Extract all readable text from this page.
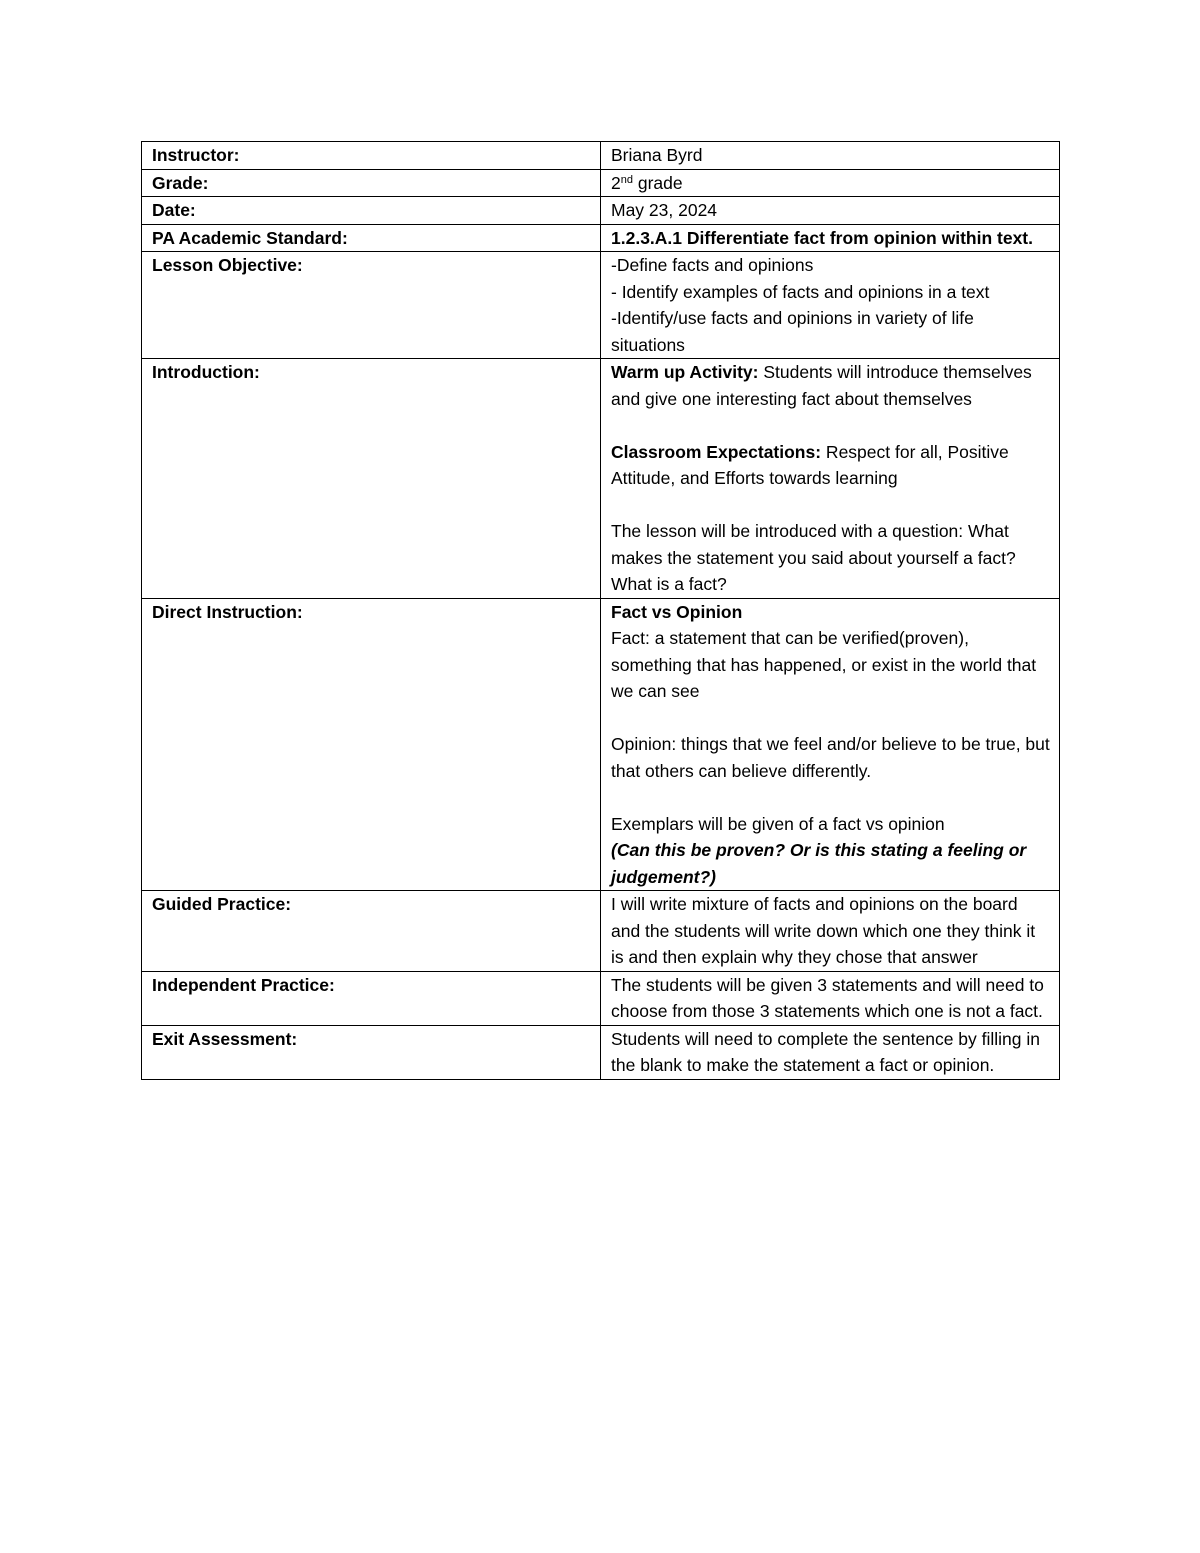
Instructor:	Briana Byrd
Grade:	2nd grade
Date:	May 23, 2024
PA Academic Standard:	1.2.3.A.1 Differentiate fact from opinion within text.
Lesson Objective:	-Define facts and opinions
- Identify examples of facts and opinions in a text
-Identify/use facts and opinions in variety of life situations

Introduction:	Warm up Activity: Students will introduce themselves and give one interesting fact about themselves
Classroom Expectations: Respect for all, Positive Attitude, and Efforts towards learning
The lesson will be introduced with a question: What makes the statement you said about yourself a fact? What is a fact?

Direct Instruction:	Fact vs Opinion
Fact: a statement that can be verified(proven), something that has happened, or exist in the world that we can see
Opinion: things that we feel and/or believe to be true, but that others can believe differently.
Exemplars will be given of a fact vs opinion
(Can this be proven? Or is this stating a feeling or judgement?)

Guided Practice:	I will write mixture of facts and opinions on the board and the students will write down which one they think it is and then explain why they chose that answer
Independent Practice:	The students will be given 3 statements and will need to choose from those 3 statements which one is not a fact.
Exit Assessment:	Students will need to complete the sentence by filling in the blank to make the statement a fact or opinion.
